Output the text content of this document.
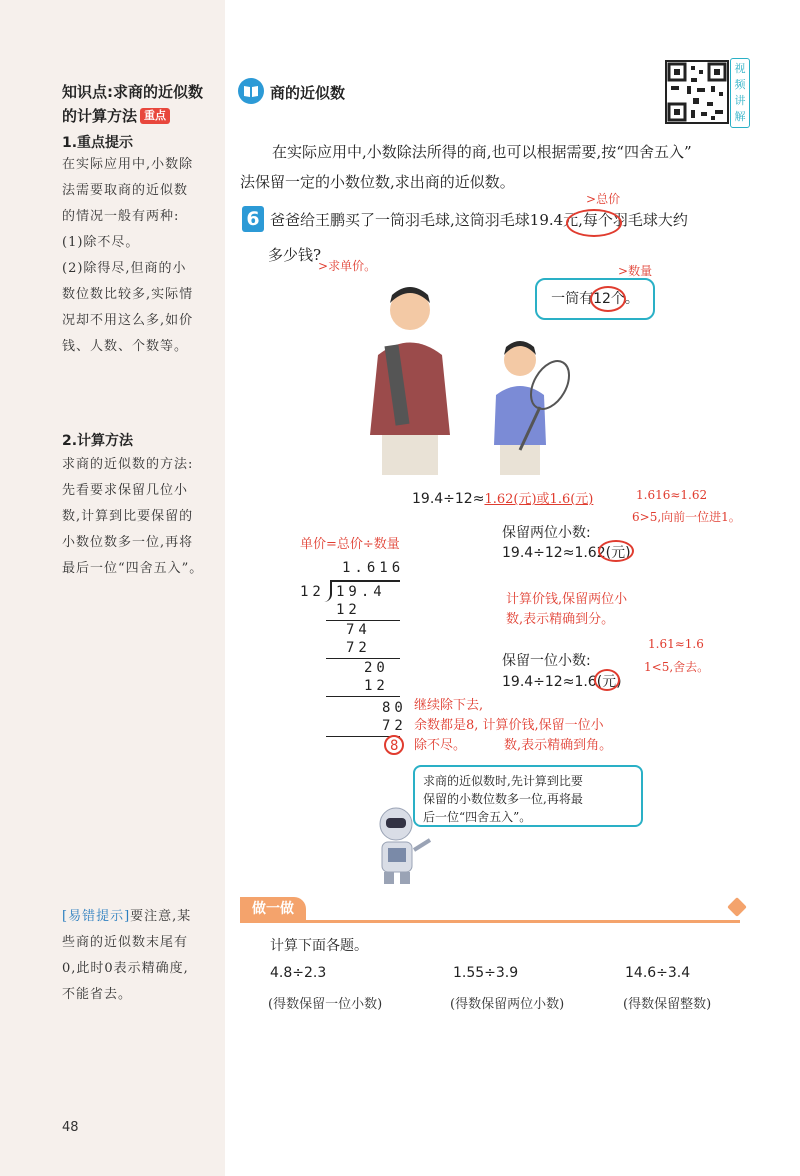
知识点:求商的近似数
的计算方法 重点
1.重点提示
在实际应用中,小数除
法需要取商的近似数
的情况一般有两种:
(1)除不尽。
(2)除得尽,但商的小
数位数比较多,实际情
况却不用这么多,如价
钱、人数、个数等。
2.计算方法
求商的近似数的方法:
先看要求保留几位小
数,计算到比要保留的
小数位数多一位,再将
最后一位“四舍五入”。
[易错提示]要注意,某
些商的近似数末尾有
0,此时0表示精确度,
不能省去。
商的近似数
视频讲解
在实际应用中,小数除法所得的商,也可以根据需要,按“四舍五入”
法保留一定的小数位数,求出商的近似数。
6 爸爸给王鹏买了一筒羽毛球,这筒羽毛球19.4元,每个羽毛球大约
多少钱?
>总价
>求单价。
一筒有12个。
>数量
19.4÷12≈1.62(元)或1.6(元)
单价=总价÷数量
1.616
12 19.4
12
74
72
20
12
80
72
8
保留两位小数:
19.4÷12≈1.62(元)
1.616≈1.62
6>5,向前一位进1。
计算价钱,保留两位小
数,表示精确到分。
保留一位小数:
19.4÷12≈1.6(元)
1.61≈1.6
1<5,舍去。
继续除下去,
余数都是8, 计算价钱,保留一位小
除不尽。	数,表示精确到角。
求商的近似数时,先计算到比要
保留的小数位数多一位,再将最
后一位“四舍五入”。
做一做
计算下面各题。
4.8÷2.3	1.55÷3.9	14.6÷3.4
(得数保留一位小数)	(得数保留两位小数)	(得数保留整数)
48
